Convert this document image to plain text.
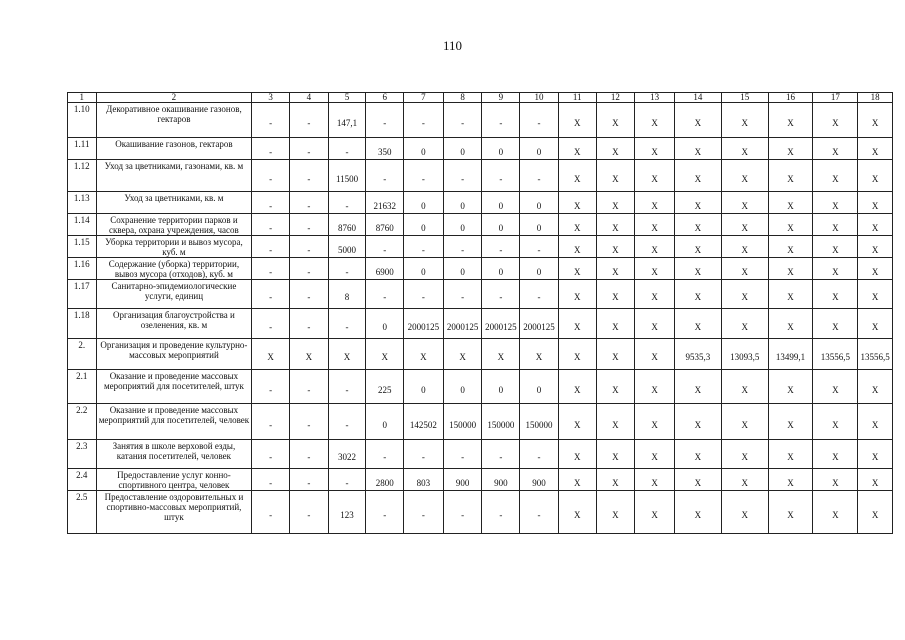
110
1	2	3	4	5	6	7	8	9	10	11	12	13	14	15	16	17	18
1.10	Декоративное окашивание газонов, гектаров	-	-	147,1	-	-	-	-	-	X	X	X	X	X	X	X	X
1.11	Окашивание газонов, гектаров	-	-	-	350	0	0	0	0	X	X	X	X	X	X	X	X
1.12	Уход за цветниками, газонами, кв. м	-	-	11500	-	-	-	-	-	X	X	X	X	X	X	X	X
1.13	Уход за цветниками, кв. м	-	-	-	21632	0	0	0	0	X	X	X	X	X	X	X	X
1.14	Сохранение территории парков и сквера, охрана учреждения, часов	-	-	8760	8760	0	0	0	0	X	X	X	X	X	X	X	X
1.15	Уборка территории и вывоз мусора, куб. м	-	-	5000	-	-	-	-	-	X	X	X	X	X	X	X	X
1.16	Содержание (уборка) территории, вывоз мусора (отходов), куб. м	-	-	-	6900	0	0	0	0	X	X	X	X	X	X	X	X
1.17	Санитарно-эпидемиологические услуги, единиц	-	-	8	-	-	-	-	-	X	X	X	X	X	X	X	X
1.18	Организация благоустройства и озеленения, кв. м	-	-	-	0	2000125	2000125	2000125	2000125	X	X	X	X	X	X	X	X
2.	Организация и проведение культурно-массовых мероприятий	X	X	X	X	X	X	X	X	X	X	X	9535,3	13093,5	13499,1	13556,5	13556,5
2.1	Оказание и проведение массовых мероприятий для посетителей, штук	-	-	-	225	0	0	0	0	X	X	X	X	X	X	X	X
2.2	Оказание и проведение массовых мероприятий для посетителей, человек	-	-	-	0	142502	150000	150000	150000	X	X	X	X	X	X	X	X
2.3	Занятия в школе верховой езды, катания посетителей, человек	-	-	3022	-	-	-	-	-	X	X	X	X	X	X	X	X
2.4	Предоставление услуг конно-спортивного центра, человек	-	-	-	2800	803	900	900	900	X	X	X	X	X	X	X	X
2.5	Предоставление оздоровительных и спортивно-массовых мероприятий, штук	-	-	123	-	-	-	-	-	X	X	X	X	X	X	X	X
